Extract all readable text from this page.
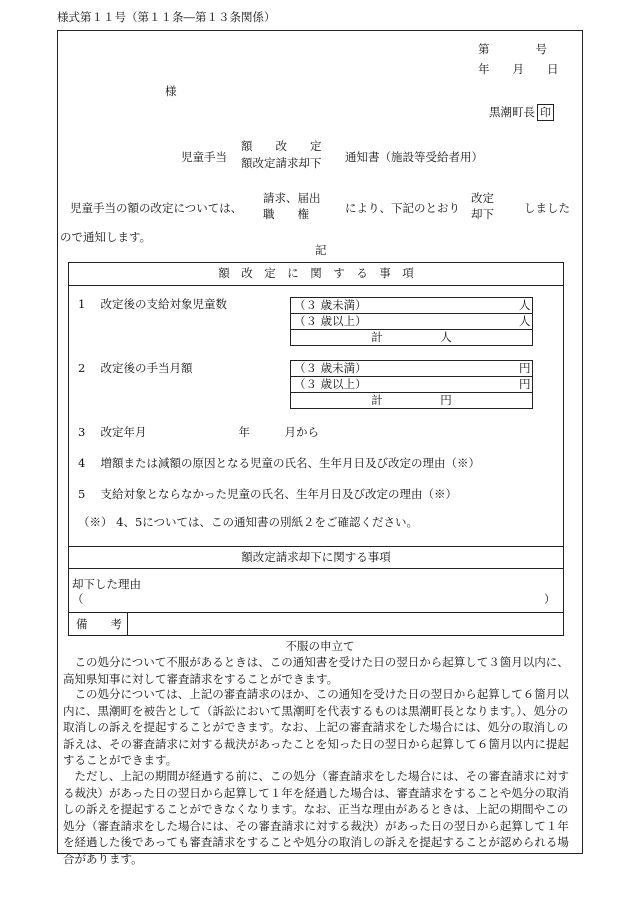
様式第１１号（第１１条―第１３条関係）
第　　　　号
年　　月　　日
様
黒潮町長 印
児童手当
額　　改　　定
額改定請求却下 通知書（施設等受給者用）
児童手当の額の改定については、
請求、届出
職　　権	により、下記のとおり
改定
却下	しました
ので通知します。
記
額　改　定　に　関　す　る　事　項
1　 改定後の支給対象児童数	（３ 歳未満）	人
（３ 歳以上）	人
計　　　　　人
2　 改定後の手当月額	（３ 歳未満）	円
（３ 歳以上）	円
計　　　　　円
3　 改定年月　　　　　　　　年　　　月から
4　 増額または減額の原因となる児童の氏名、生年月日及び改定の理由（※）
5　 支給対象とならなかった児童の氏名、生年月日及び改定の理由（※）
（※） 4、5については、この通知書の別紙２をご確認ください。
額改定請求却下に関する事項
却下した理由
（	）
備　　考
不服の申立て
　この処分について不服があるときは、この通知書を受けた日の翌日から起算して３箇月以内に、高知県知事に対して審査請求をすることができます。
　この処分については、上記の審査請求のほか、この通知を受けた日の翌日から起算して６箇月以内に、黒潮町を被告として（訴訟において黒潮町を代表するものは黒潮町長となります。）、処分の取消しの訴えを提起することができます。なお、上記の審査請求をした場合には、処分の取消しの訴えは、その審査請求に対する裁決があったことを知った日の翌日から起算して６箇月以内に提起することができます。
　ただし、上記の期間が経過する前に、この処分（審査請求をした場合には、その審査請求に対する裁決）があった日の翌日から起算して１年を経過した場合は、審査請求をすることや処分の取消しの訴えを提起することができなくなります。なお、正当な理由があるときは、上記の期間やこの処分（審査請求をした場合には、その審査請求に対する裁決）があった日の翌日から起算して１年を経過した後であっても審査請求をすることや処分の取消しの訴えを提起することが認められる場合があります。
